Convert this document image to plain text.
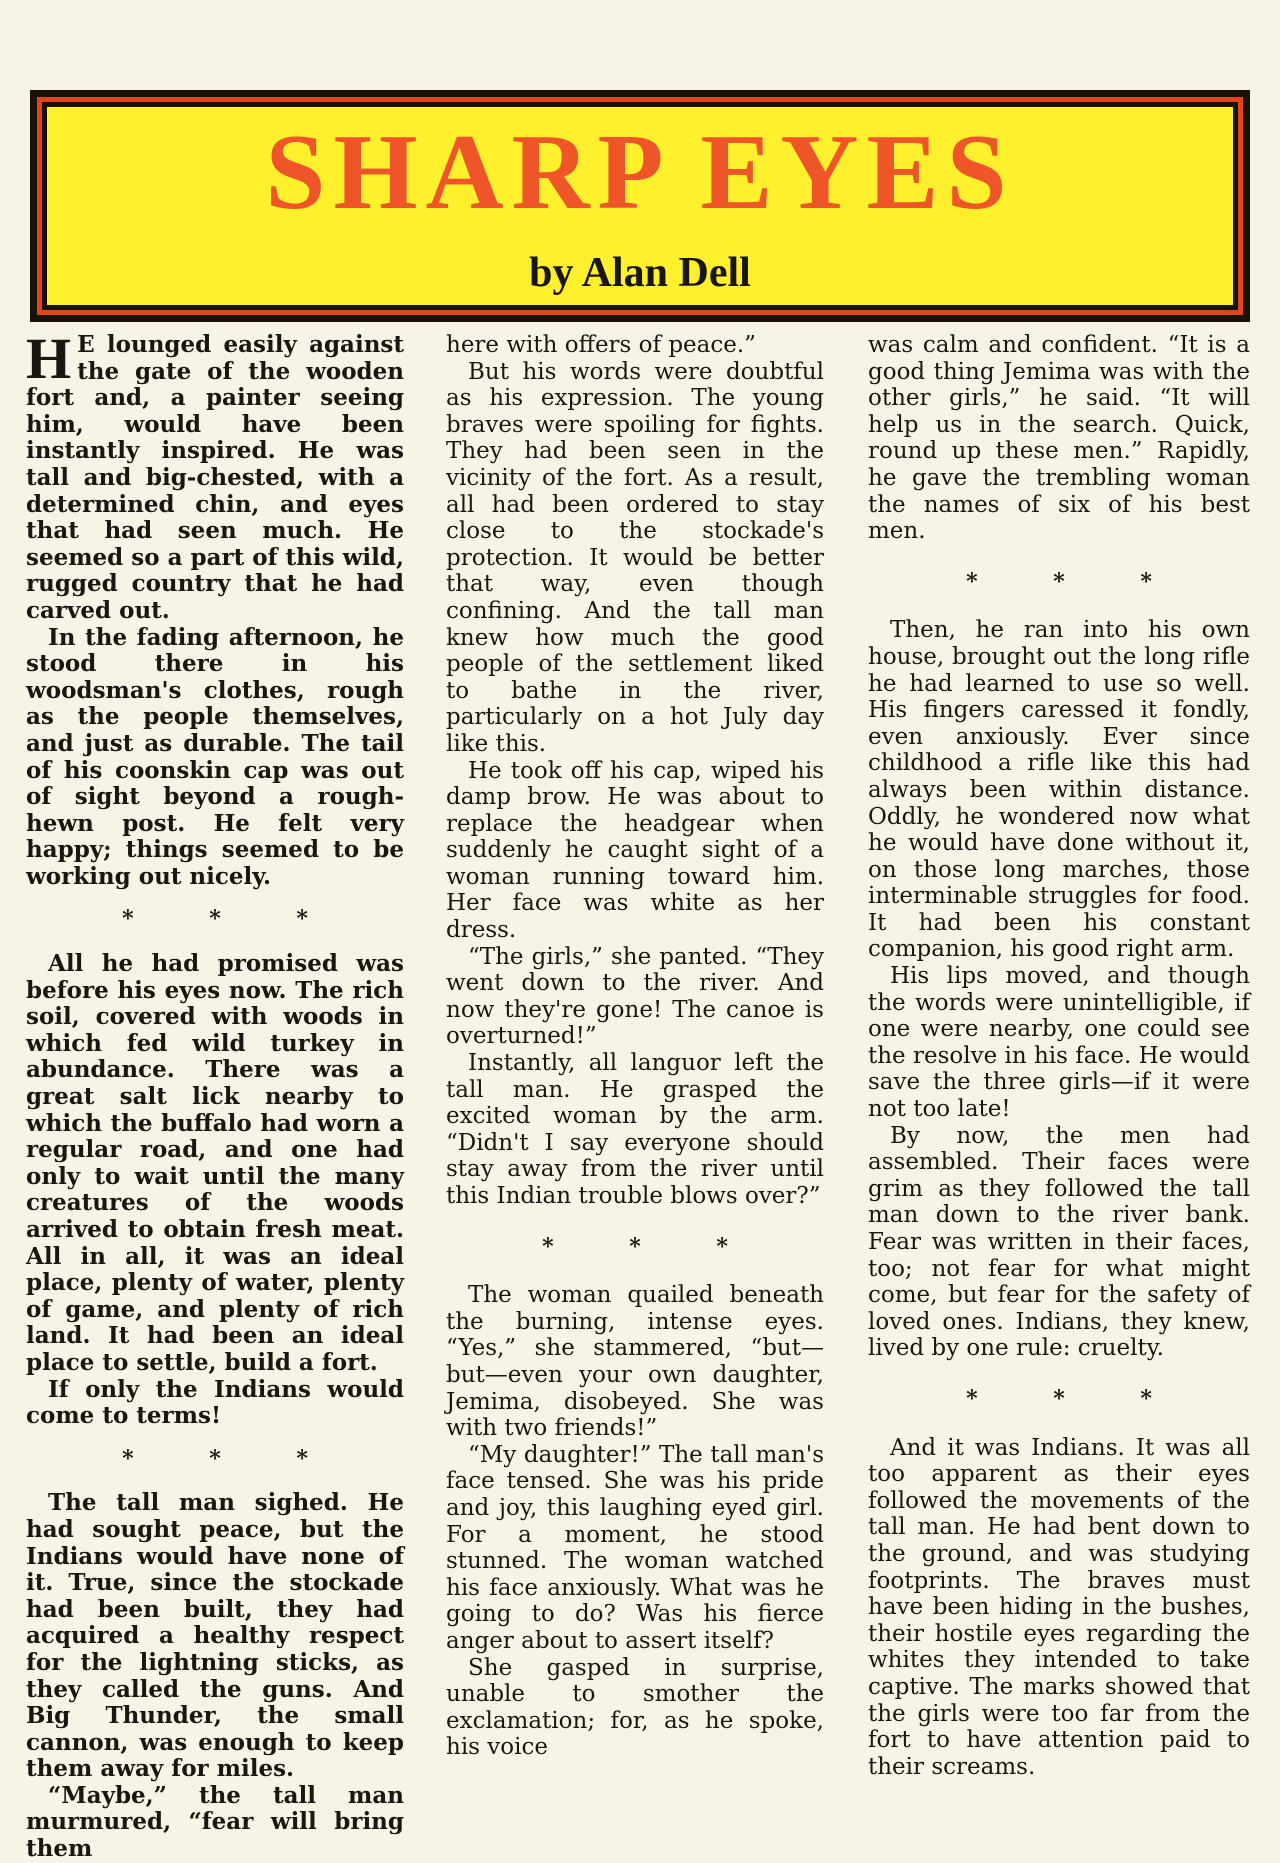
SHARP EYES
by Alan Dell

H E lounged easily against the gate of the wooden fort and, a painter seeing him, would have been instantly inspired. He was tall and big-chested, with a determined chin, and eyes that had seen much. He seemed so a part of this wild, rugged country that he had carved out.

In the fading afternoon, he stood there in his woodsman's clothes, rough as the people themselves, and just as durable. The tail of his coonskin cap was out of sight beyond a rough-hewn post. He felt very happy; things seemed to be working out nicely.

* * *

All he had promised was before his eyes now. The rich soil, covered with woods in which fed wild turkey in abundance. There was a great salt lick nearby to which the buffalo had worn a regular road, and one had only to wait until the many creatures of the woods arrived to obtain fresh meat. All in all, it was an ideal place, plenty of water, plenty of game, and plenty of rich land. It had been an ideal place to settle, build a fort.

If only the Indians would come to terms!

* * *

The tall man sighed. He had sought peace, but the Indians would have none of it. True, since the stockade had been built, they had acquired a healthy respect for the lightning sticks, as they called the guns. And Big Thunder, the small cannon, was enough to keep them away for miles.

“Maybe,” the tall man murmured, “fear will bring them

here with offers of peace.”

But his words were doubtful as his expression. The young braves were spoiling for fights. They had been seen in the vicinity of the fort. As a result, all had been ordered to stay close to the stockade's protection. It would be better that way, even though confining. And the tall man knew how much the good people of the settlement liked to bathe in the river, particularly on a hot July day like this.

He took off his cap, wiped his damp brow. He was about to replace the headgear when suddenly he caught sight of a woman running toward him. Her face was white as her dress.

“The girls,” she panted. “They went down to the river. And now they're gone! The canoe is overturned!”

Instantly, all languor left the tall man. He grasped the excited woman by the arm. “Didn't I say everyone should stay away from the river until this Indian trouble blows over?”

* * *

The woman quailed beneath the burning, intense eyes. “Yes,” she stammered, “but—but—even your own daughter, Jemima, disobeyed. She was with two friends!”

“My daughter!” The tall man's face tensed. She was his pride and joy, this laughing eyed girl. For a moment, he stood stunned. The woman watched his face anxiously. What was he going to do? Was his fierce anger about to assert itself?

She gasped in surprise, unable to smother the exclamation; for, as he spoke, his voice

was calm and confident. “It is a good thing Jemima was with the other girls,” he said. “It will help us in the search. Quick, round up these men.” Rapidly, he gave the trembling woman the names of six of his best men.

* * *

Then, he ran into his own house, brought out the long rifle he had learned to use so well. His fingers caressed it fondly, even anxiously. Ever since childhood a rifle like this had always been within distance. Oddly, he wondered now what he would have done without it, on those long marches, those interminable struggles for food. It had been his constant companion, his good right arm.

His lips moved, and though the words were unintelligible, if one were nearby, one could see the resolve in his face. He would save the three girls—if it were not too late!

By now, the men had assembled. Their faces were grim as they followed the tall man down to the river bank. Fear was written in their faces, too; not fear for what might come, but fear for the safety of loved ones. Indians, they knew, lived by one rule: cruelty.

* * *

And it was Indians. It was all too apparent as their eyes followed the movements of the tall man. He had bent down to the ground, and was studying footprints. The braves must have been hiding in the bushes, their hostile eyes regarding the whites they intended to take captive. The marks showed that the girls were too far from the fort to have attention paid to their screams.
